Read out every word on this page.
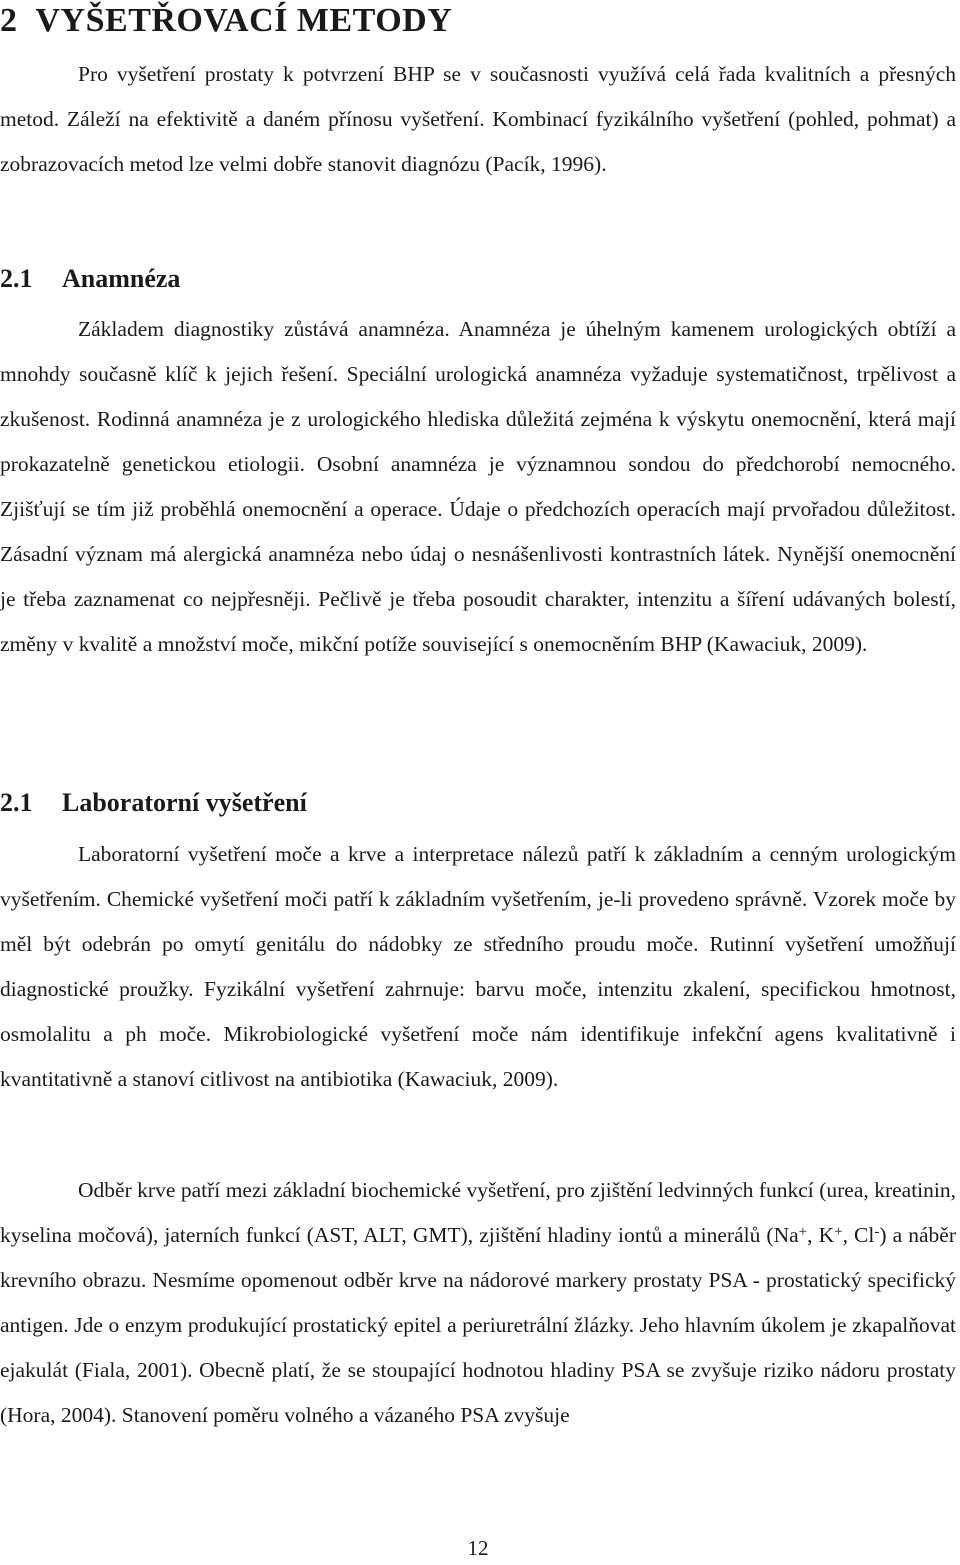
2 VYŠETŘOVACÍ METODY

Pro vyšetření prostaty k potvrzení BHP se v současnosti využívá celá řada kvalitních a přesných metod. Záleží na efektivitě a daném přínosu vyšetření. Kombinací fyzikálního vyšetření (pohled, pohmat) a zobrazovacích metod lze velmi dobře stanovit diagnózu (Pacík, 1996).

2.1 Anamnéza

Základem diagnostiky zůstává anamnéza. Anamnéza je úhelným kamenem urologických obtíží a mnohdy současně klíč k jejich řešení. Speciální urologická anamnéza vyžaduje systematičnost, trpělivost a zkušenost. Rodinná anamnéza je z urologického hlediska důležitá zejména k výskytu onemocnění, která mají prokazatelně genetickou etiologii. Osobní anamnéza je významnou sondou do předchorobí nemocného. Zjišťují se tím již proběhlá onemocnění a operace. Údaje o předchozích operacích mají prvořadou důležitost. Zásadní význam má alergická anamnéza nebo údaj o nesnášenlivosti kontrastních látek. Nynější onemocnění je třeba zaznamenat co nejpřesněji. Pečlivě je třeba posoudit charakter, intenzitu a šíření udávaných bolestí, změny v kvalitě a množství moče, mikční potíže související s onemocněním BHP (Kawaciuk, 2009).

2.1 Laboratorní vyšetření

Laboratorní vyšetření moče a krve a interpretace nálezů patří k základním a cenným urologickým vyšetřením. Chemické vyšetření moči patří k základním vyšetřením, je-li provedeno správně. Vzorek moče by měl být odebrán po omytí genitálu do nádobky ze středního proudu moče. Rutinní vyšetření umožňují diagnostické proužky. Fyzikální vyšetření zahrnuje: barvu moče, intenzitu zkalení, specifickou hmotnost, osmolalitu a ph moče. Mikrobiologické vyšetření moče nám identifikuje infekční agens kvalitativně i kvantitativně a stanoví citlivost na antibiotika (Kawaciuk, 2009).

Odběr krve patří mezi základní biochemické vyšetření, pro zjištění ledvinných funkcí (urea, kreatinin, kyselina močová), jaterních funkcí (AST, ALT, GMT), zjištění hladiny iontů a minerálů (Na+, K+, Cl-) a náběr krevního obrazu. Nesmíme opomenout odběr krve na nádorové markery prostaty PSA - prostatický specifický antigen. Jde o enzym produkující prostatický epitel a periuretrální žlázky. Jeho hlavním úkolem je zkapalňovat ejakulát (Fiala, 2001). Obecně platí, že se stoupající hodnotou hladiny PSA se zvyšuje riziko nádoru prostaty (Hora, 2004). Stanovení poměru volného a vázaného PSA zvyšuje

12
